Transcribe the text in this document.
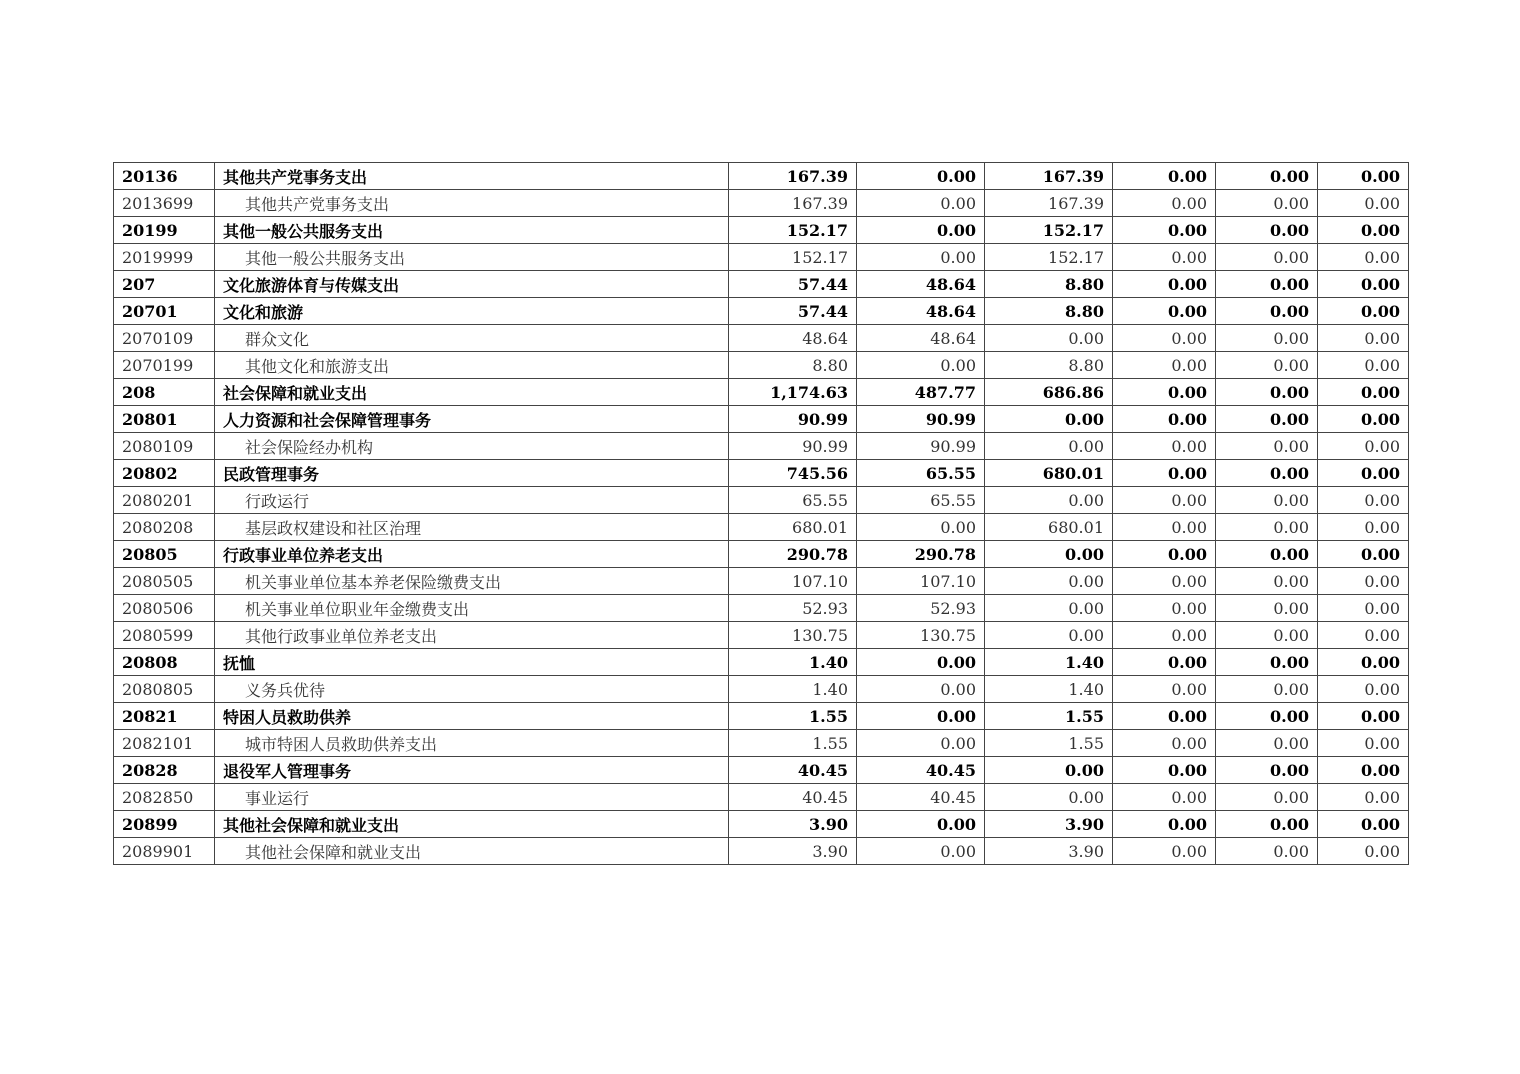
20136	其他共产党事务支出	167.39	0.00	167.39	0.00	0.00	0.00
2013699	其他共产党事务支出	167.39	0.00	167.39	0.00	0.00	0.00
20199	其他一般公共服务支出	152.17	0.00	152.17	0.00	0.00	0.00
2019999	其他一般公共服务支出	152.17	0.00	152.17	0.00	0.00	0.00
207	文化旅游体育与传媒支出	57.44	48.64	8.80	0.00	0.00	0.00
20701	文化和旅游	57.44	48.64	8.80	0.00	0.00	0.00
2070109	群众文化	48.64	48.64	0.00	0.00	0.00	0.00
2070199	其他文化和旅游支出	8.80	0.00	8.80	0.00	0.00	0.00
208	社会保障和就业支出	1,174.63	487.77	686.86	0.00	0.00	0.00
20801	人力资源和社会保障管理事务	90.99	90.99	0.00	0.00	0.00	0.00
2080109	社会保险经办机构	90.99	90.99	0.00	0.00	0.00	0.00
20802	民政管理事务	745.56	65.55	680.01	0.00	0.00	0.00
2080201	行政运行	65.55	65.55	0.00	0.00	0.00	0.00
2080208	基层政权建设和社区治理	680.01	0.00	680.01	0.00	0.00	0.00
20805	行政事业单位养老支出	290.78	290.78	0.00	0.00	0.00	0.00
2080505	机关事业单位基本养老保险缴费支出	107.10	107.10	0.00	0.00	0.00	0.00
2080506	机关事业单位职业年金缴费支出	52.93	52.93	0.00	0.00	0.00	0.00
2080599	其他行政事业单位养老支出	130.75	130.75	0.00	0.00	0.00	0.00
20808	抚恤	1.40	0.00	1.40	0.00	0.00	0.00
2080805	义务兵优待	1.40	0.00	1.40	0.00	0.00	0.00
20821	特困人员救助供养	1.55	0.00	1.55	0.00	0.00	0.00
2082101	城市特困人员救助供养支出	1.55	0.00	1.55	0.00	0.00	0.00
20828	退役军人管理事务	40.45	40.45	0.00	0.00	0.00	0.00
2082850	事业运行	40.45	40.45	0.00	0.00	0.00	0.00
20899	其他社会保障和就业支出	3.90	0.00	3.90	0.00	0.00	0.00
2089901	其他社会保障和就业支出	3.90	0.00	3.90	0.00	0.00	0.00
